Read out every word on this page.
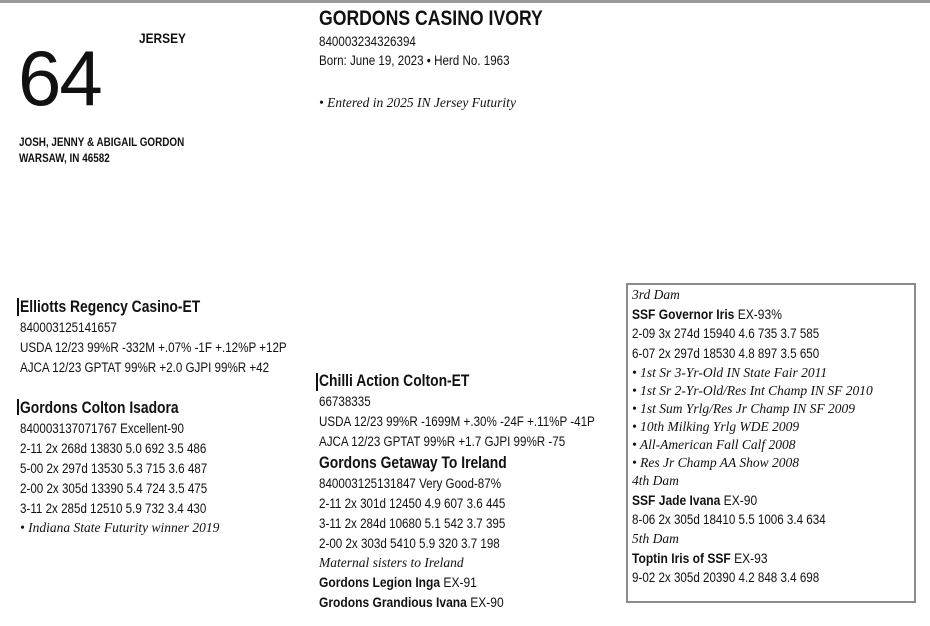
64	JERSEY
JOSH, JENNY & ABIGAIL GORDON
WARSAW, IN 46582
GORDONS CASINO IVORY
840003234326394
Born: June 19, 2023 • Herd No. 1963
• Entered in 2025 IN Jersey Futurity
Elliotts Regency Casino-ET
840003125141657
USDA 12/23 99%R -332M +.07% -1F +.12%P +12P
AJCA 12/23 GPTAT 99%R +2.0 GJPI 99%R +42
Gordons Colton Isadora
840003137071767 Excellent-90
2-11 2x 268d 13830 5.0 692 3.5 486
5-00 2x 297d 13530 5.3 715 3.6 487
2-00 2x 305d 13390 5.4 724 3.5 475
3-11 2x 285d 12510 5.9 732 3.4 430
• Indiana State Futurity winner 2019
Chilli Action Colton-ET
66738335
USDA 12/23 99%R -1699M +.30% -24F +.11%P -41P
AJCA 12/23 GPTAT 99%R +1.7 GJPI 99%R -75
Gordons Getaway To Ireland
840003125131847 Very Good-87%
2-11 2x 301d 12450 4.9 607 3.6 445
3-11 2x 284d 10680 5.1 542 3.7 395
2-00 2x 303d 5410 5.9 320 3.7 198
Maternal sisters to Ireland
Gordons Legion Inga EX-91
Grodons Grandious Ivana EX-90
3rd Dam
SSF Governor Iris EX-93%
2-09 3x 274d 15940 4.6 735 3.7 585
6-07 2x 297d 18530 4.8 897 3.5 650
• 1st Sr 3-Yr-Old IN State Fair 2011
• 1st Sr 2-Yr-Old/Res Int Champ IN SF 2010
• 1st Sum Yrlg/Res Jr Champ IN SF 2009
• 10th Milking Yrlg WDE 2009
• All-American Fall Calf 2008
• Res Jr Champ AA Show 2008
4th Dam
SSF Jade Ivana EX-90
8-06 2x 305d 18410 5.5 1006 3.4 634
5th Dam
Toptin Iris of SSF EX-93
9-02 2x 305d 20390 4.2 848 3.4 698
